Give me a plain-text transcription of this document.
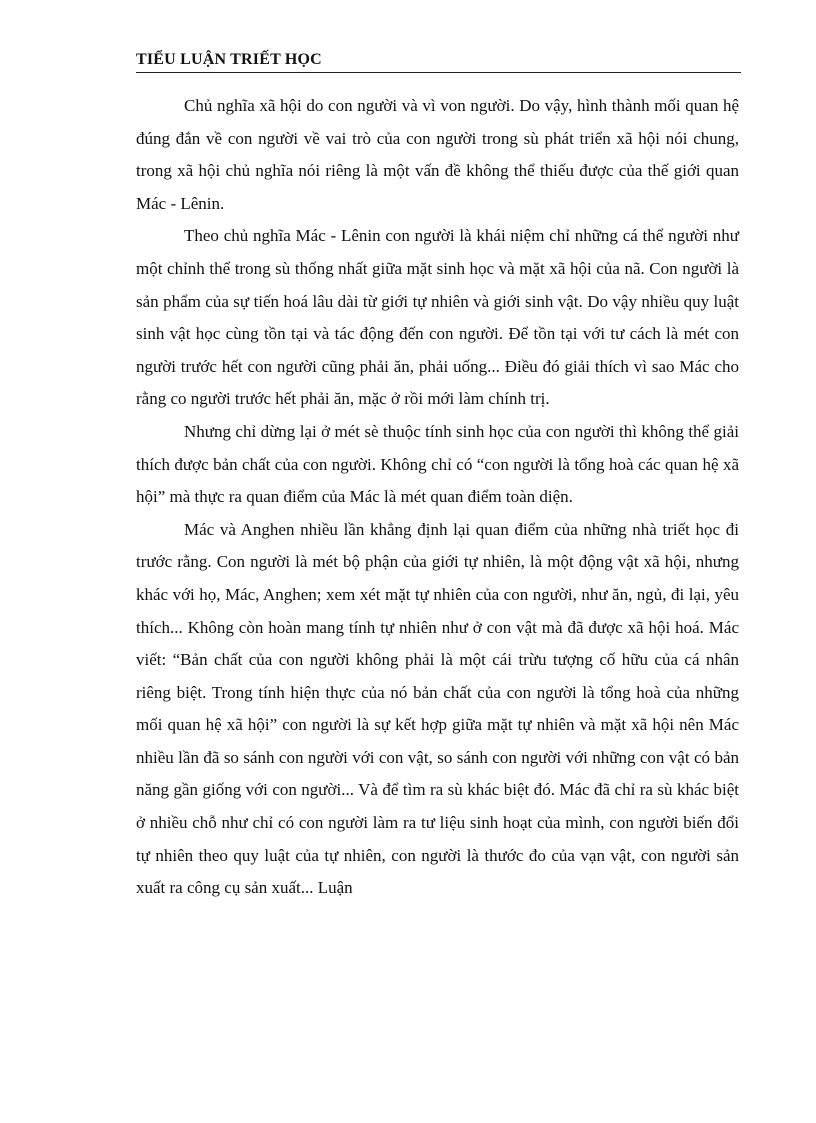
TIỂU LUẬN TRIẾT HỌC

Chủ nghĩa xã hội do con người và vì von người. Do vậy, hình thành mối quan hệ đúng đắn về con người về vai trò của con người trong sù phát triển xã hội nói chung, trong xã hội chủ nghĩa nói riêng là một vấn đề không thể thiếu được của thế giới quan Mác - Lênin.

Theo chủ nghĩa Mác - Lênin con người là khái niệm chỉ những cá thể người như một chỉnh thể trong sù thống nhất giữa mặt sinh học và mặt xã hội của nã. Con người là sản phẩm của sự tiến hoá lâu dài từ giới tự nhiên và giới sinh vật. Do vậy nhiều quy luật sinh vật học cùng tồn tại và tác động đến con người. Để tồn tại với tư cách là mét con người trước hết con người cũng phải ăn, phải uống... Điều đó giải thích vì sao Mác cho rằng co người trước hết phải ăn, mặc ở rồi mới làm chính trị.

Nhưng chỉ dừng lại ở mét sè thuộc tính sinh học của con người thì không thể giải thích được bản chất của con người. Không chỉ có “con người là tổng hoà các quan hệ xã hội” mà thực ra quan điểm của Mác là mét quan điểm toàn diện.

Mác và Anghen nhiều lần khẳng định lại quan điểm của những nhà triết học đi trước rằng. Con người là mét bộ phận của giới tự nhiên, là một động vật xã hội, nhưng khác với họ, Mác, Anghen; xem xét mặt tự nhiên của con người, như ăn, ngủ, đi lại, yêu thích... Không còn hoàn mang tính tự nhiên như ở con vật mà đã được xã hội hoá. Mác viết: “Bản chất của con người không phải là một cái trừu tượng cố hữu của cá nhân riêng biệt. Trong tính hiện thực của nó bản chất của con người là tổng hoà của những mối quan hệ xã hội” con người là sự kết hợp giữa mặt tự nhiên và mặt xã hội nên Mác nhiều lần đã so sánh con người với con vật, so sánh con người với những con vật có bản năng gần giống với con người... Và để tìm ra sù khác biệt đó. Mác đã chỉ ra sù khác biệt ở nhiều chỗ như chỉ có con người làm ra tư liệu sinh hoạt của mình, con người biến đổi tự nhiên theo quy luật của tự nhiên, con người là thước đo của vạn vật, con người sản xuất ra công cụ sản xuất... Luận
